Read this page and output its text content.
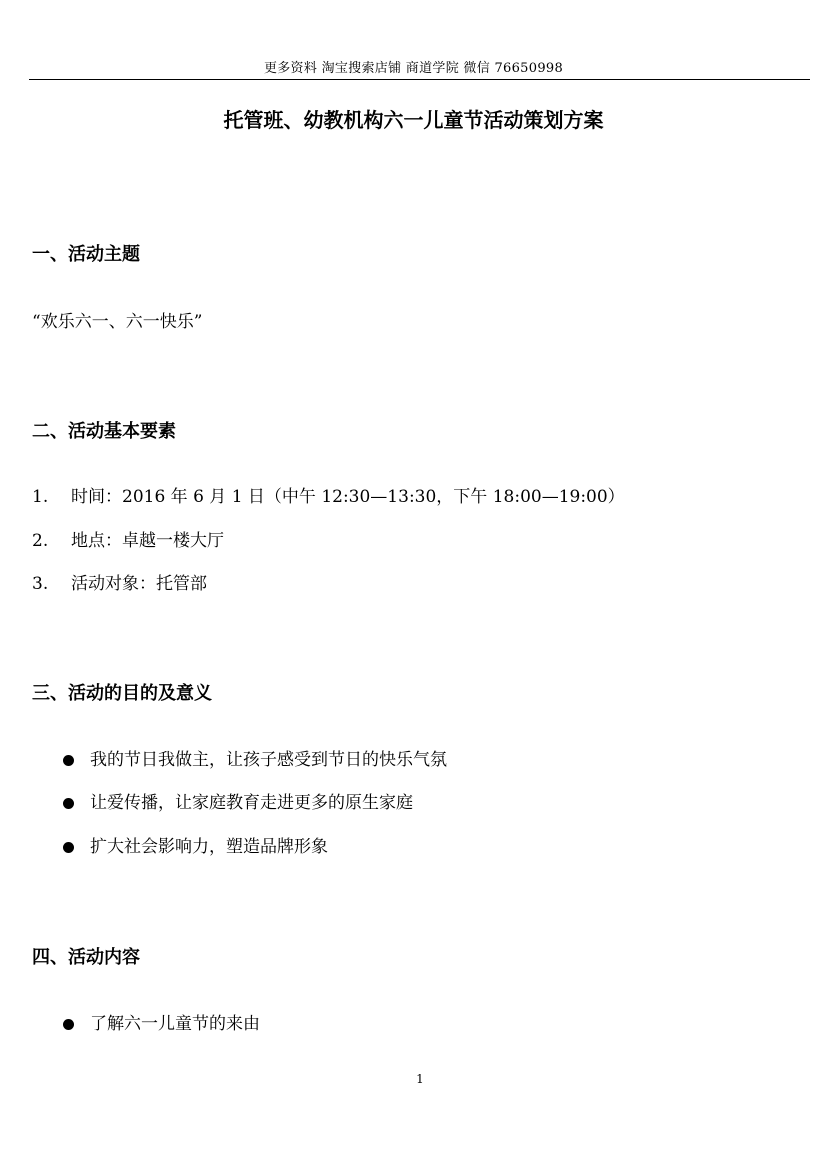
更多资料 淘宝搜索店铺 商道学院 微信 76650998
托管班、幼教机构六一儿童节活动策划方案
一、活动主题
“欢乐六一、六一快乐”
二、活动基本要素
1.	时间：2016 年 6 月 1 日（中午 12:30—13:30，下午 18:00—19:00）
2.	地点：卓越一楼大厅
3.	活动对象：托管部
三、活动的目的及意义
我的节日我做主，让孩子感受到节日的快乐气氛
让爱传播，让家庭教育走进更多的原生家庭
扩大社会影响力，塑造品牌形象
四、活动内容
了解六一儿童节的来由
1
